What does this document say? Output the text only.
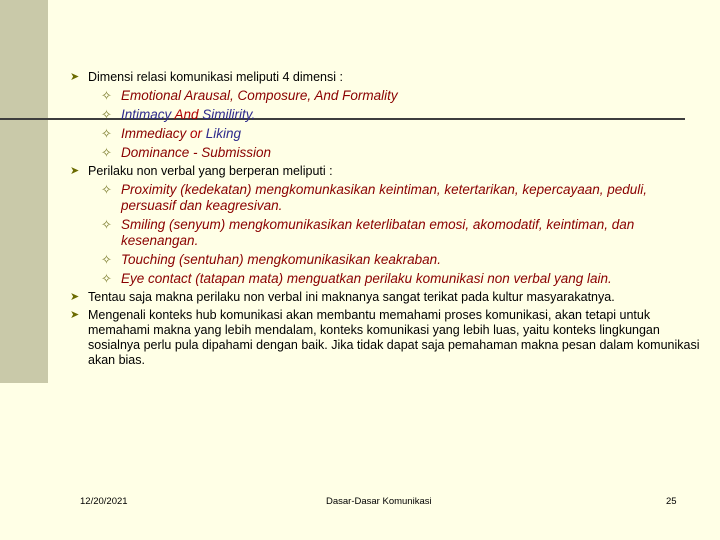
➤ Dimensi relasi komunikasi meliputi 4 dimensi :
✧ Emotional Arausal, Composure, And Formality
✧ Intimacy And Similirity.
✧ Immediacy or Liking
✧ Dominance - Submission
➤ Perilaku non verbal yang berperan meliputi :
✧ Proximity (kedekatan) mengkomunkasikan keintiman, ketertarikan, kepercayaan, peduli, persuasif dan keagresivan.
✧ Smiling (senyum) mengkomunikasikan keterlibatan emosi, akomodatif, keintiman, dan kesenangan.
✧ Touching (sentuhan) mengkomunikasikan keakraban.
✧ Eye contact (tatapan mata) menguatkan perilaku komunikasi non verbal yang lain.
➤ Tentau saja makna perilaku non verbal ini maknanya sangat terikat pada kultur masyarakatnya.
➤ Mengenali konteks hub komunikasi akan membantu memahami proses komunikasi, akan tetapi untuk memahami makna yang lebih mendalam, konteks komunikasi yang lebih luas, yaitu konteks lingkungan sosialnya perlu pula dipahami dengan baik. Jika tidak dapat saja pemahaman makna pesan dalam komunikasi akan bias.
12/20/2021	Dasar-Dasar Komunikasi	25
